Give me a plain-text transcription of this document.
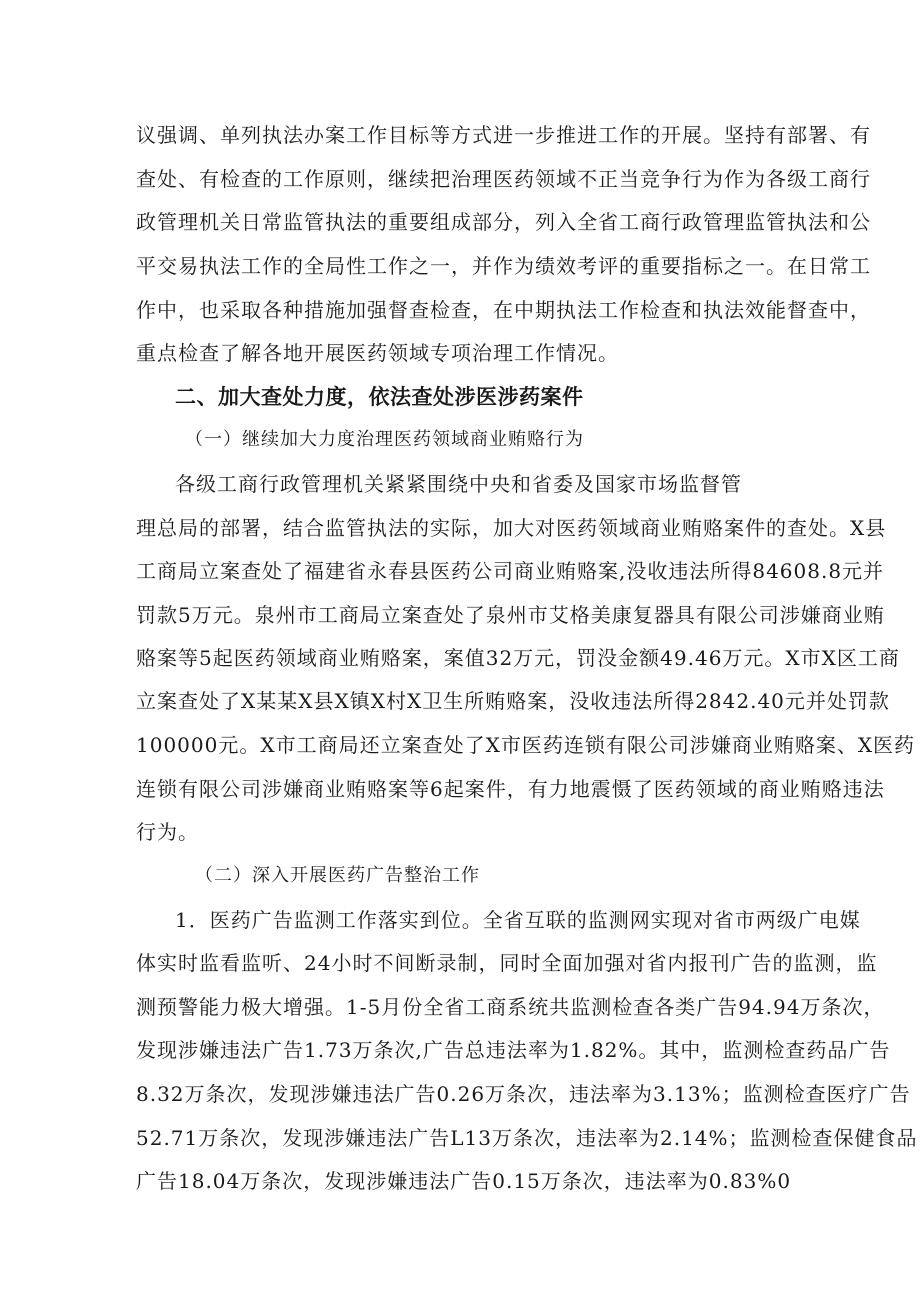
议强调、单列执法办案工作目标等方式进一步推进工作的开展。坚持有部署、有
查处、有检查的工作原则，继续把治理医药领域不正当竞争行为作为各级工商行
政管理机关日常监管执法的重要组成部分，列入全省工商行政管理监管执法和公
平交易执法工作的全局性工作之一，并作为绩效考评的重要指标之一。在日常工
作中，也采取各种措施加强督查检查，在中期执法工作检查和执法效能督查中，
重点检查了解各地开展医药领域专项治理工作情况。
二、加大查处力度，依法查处涉医涉药案件
（一）继续加大力度治理医药领域商业贿赂行为
各级工商行政管理机关紧紧围绕中央和省委及国家市场监督管
理总局的部署，结合监管执法的实际，加大对医药领域商业贿赂案件的查处。X县
工商局立案查处了福建省永春县医药公司商业贿赂案,没收违法所得84608.8元并
罚款5万元。泉州市工商局立案查处了泉州市艾格美康复器具有限公司涉嫌商业贿
赂案等5起医药领域商业贿赂案，案值32万元，罚没金额49.46万元。X市X区工商
立案查处了X某某X县X镇X村X卫生所贿赂案，没收违法所得2842.40元并处罚款
100000元。X市工商局还立案查处了X市医药连锁有限公司涉嫌商业贿赂案、X医药
连锁有限公司涉嫌商业贿赂案等6起案件，有力地震慑了医药领域的商业贿赂违法
行为。
（二）深入开展医药广告整治工作
1．医药广告监测工作落实到位。全省互联的监测网实现对省市两级广电媒
体实时监看监听、24小时不间断录制，同时全面加强对省内报刊广告的监测，监
测预警能力极大增强。1-5月份全省工商系统共监测检查各类广告94.94万条次，
发现涉嫌违法广告1.73万条次,广告总违法率为1.82%。其中，监测检查药品广告
8.32万条次，发现涉嫌违法广告0.26万条次，违法率为3.13%；监测检查医疗广告
52.71万条次，发现涉嫌违法广告L13万条次，违法率为2.14%；监测检查保健食品
广告18.04万条次，发现涉嫌违法广告0.15万条次，违法率为0.83%0
